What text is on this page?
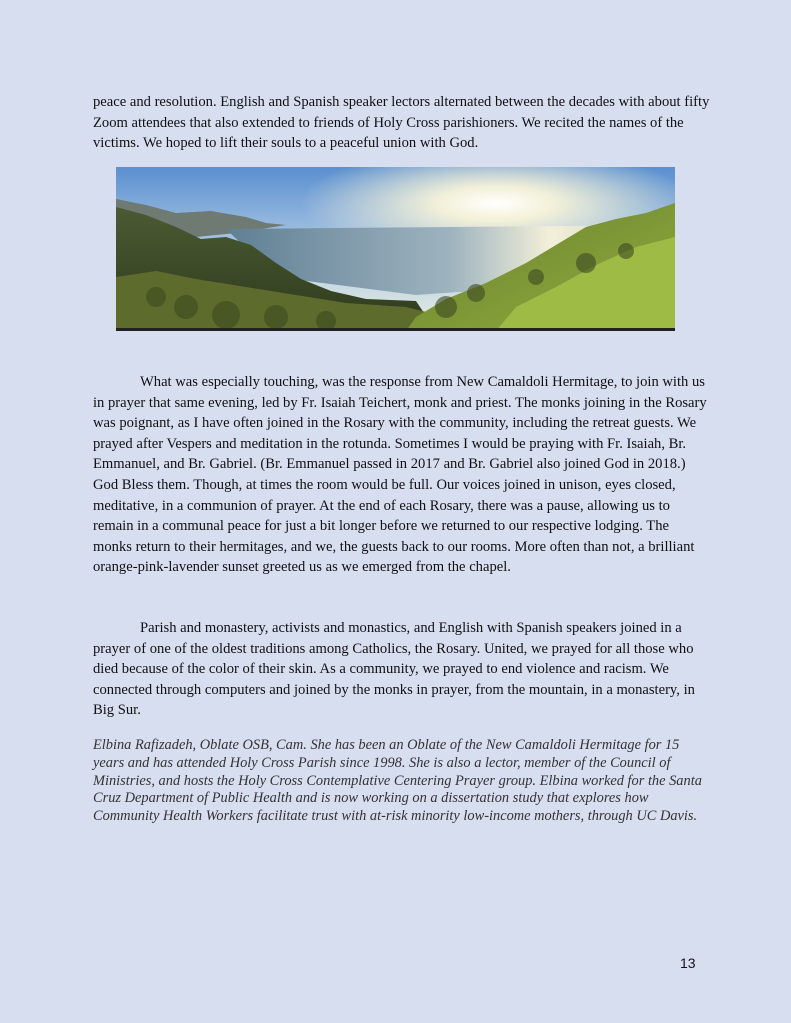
peace and resolution. English and Spanish speaker lectors alternated between the decades with about fifty Zoom attendees that also extended to friends of Holy Cross parishioners. We recited the names of the victims. We hoped to lift their souls to a peaceful union with God.

What was especially touching, was the response from New Camaldoli Hermitage, to join with us in prayer that same evening, led by Fr. Isaiah Teichert, monk and priest. The monks joining in the Rosary was poignant, as I have often joined in the Rosary with the community, including the retreat guests. We prayed after Vespers and meditation in the rotunda. Sometimes I would be praying with Fr. Isaiah, Br. Emmanuel, and Br. Gabriel. (Br. Emmanuel passed in 2017 and Br. Gabriel also joined God in 2018.) God Bless them. Though, at times the room would be full. Our voices joined in unison, eyes closed, meditative, in a communion of prayer. At the end of each Rosary, there was a pause, allowing us to remain in a communal peace for just a bit longer before we returned to our respective lodging. The monks return to their hermitages, and we, the guests back to our rooms. More often than not, a brilliant orange-pink-lavender sunset greeted us as we emerged from the chapel.

Parish and monastery, activists and monastics, and English with Spanish speakers joined in a prayer of one of the oldest traditions among Catholics, the Rosary. United, we prayed for all those who died because of the color of their skin. As a community, we prayed to end violence and racism. We connected through computers and joined by the monks in prayer, from the mountain, in a monastery, in Big Sur.

Elbina Rafizadeh, Oblate OSB, Cam. She has been an Oblate of the New Camaldoli Hermitage for 15 years and has attended Holy Cross Parish since 1998. She is also a lector, member of the Council of Ministries, and hosts the Holy Cross Contemplative Centering Prayer group. Elbina worked for the Santa Cruz Department of Public Health and is now working on a dissertation study that explores how Community Health Workers facilitate trust with at-risk minority low-income mothers, through UC Davis.

13
